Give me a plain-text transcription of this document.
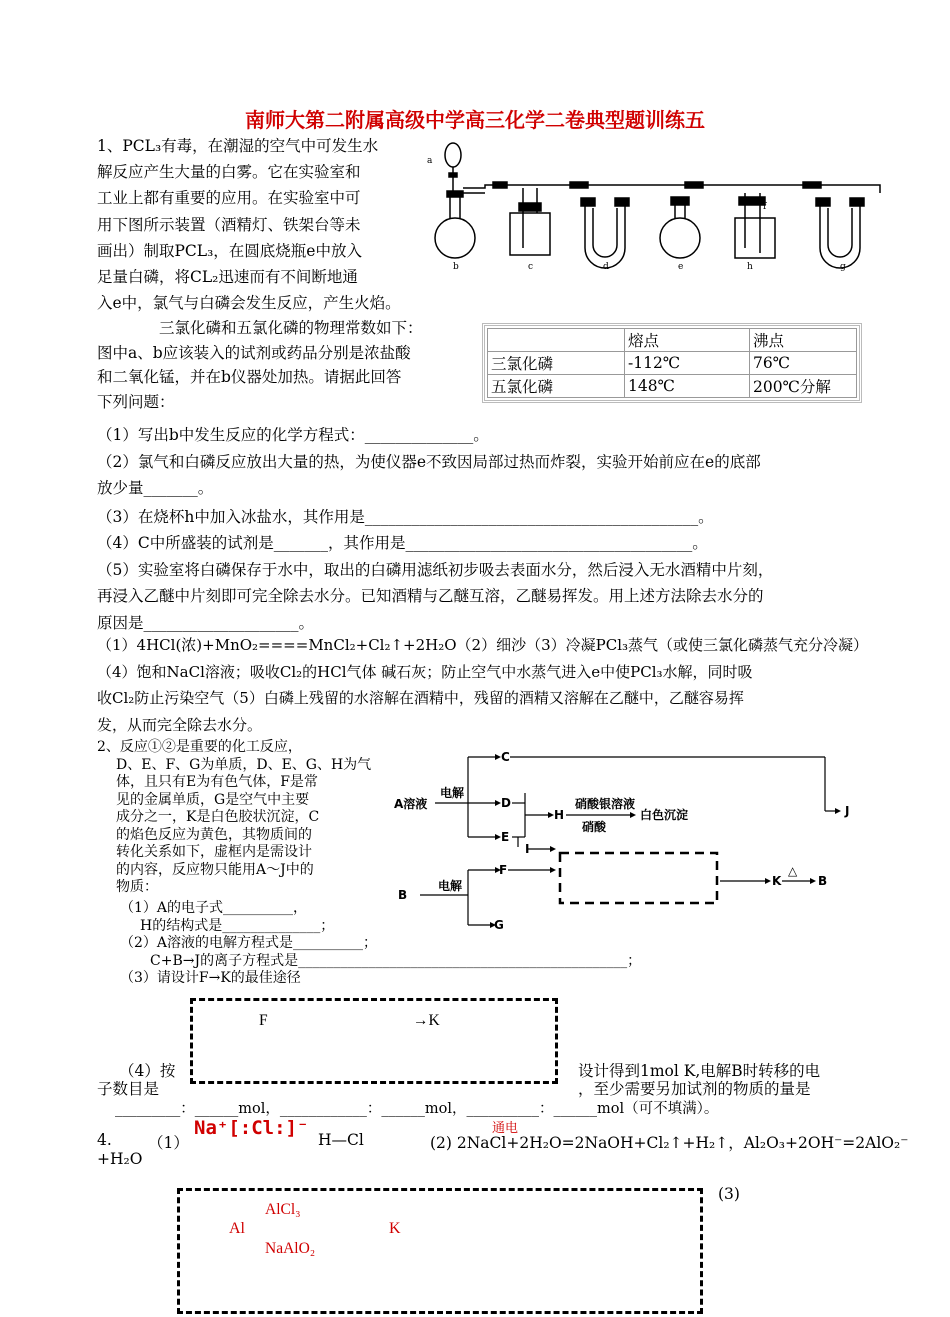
南师大第二附属高级中学高三化学二卷典型题训练五
1、PCL₃有毒，在潮湿的空气中可发生水
解反应产生大量的白雾。它在实验室和
工业上都有重要的应用。在实验室中可
用下图所示装置（酒精灯、铁架台等未
画出）制取PCL₃，在圆底烧瓶e中放入
足量白磷，将CL₂迅速而有不间断地通
入e中，氯气与白磷会发生反应，产生火焰。
a
b	c	d	e
f
h	g
三氯化磷和五氯化磷的物理常数如下：
图中a、b应该装入的试剂或药品分别是浓盐酸
和二氧化锰，并在b仪器处加热。请据此回答
下列问题：
	熔点	沸点
三氯化磷	-112℃	76℃
五氯化磷	148℃	200℃分解
（1）写出b中发生反应的化学方程式：______________。
（2）氯气和白磷反应放出大量的热，为使仪器e不致因局部过热而炸裂，实验开始前应在e的底部
放少量_______。
（3）在烧杯h中加入冰盐水，其作用是___________________________________________。
（4）C中所盛装的试剂是_______，其作用是_____________________________________。
（5）实验室将白磷保存于水中，取出的白磷用滤纸初步吸去表面水分，然后浸入无水酒精中片刻，
再浸入乙醚中片刻即可完全除去水分。已知酒精与乙醚互溶，乙醚易挥发。用上述方法除去水分的
原因是____________________。
（1）4HCl(浓)+MnO₂====MnCl₂+Cl₂↑+2H₂O（2）细沙（3）冷凝PCl₃蒸气（或使三氯化磷蒸气充分冷凝）
（4）饱和NaCl溶液；吸收Cl₂的HCl气体 碱石灰；防止空气中水蒸气进入e中使PCl₃水解，同时吸
收Cl₂防止污染空气（5）白磷上残留的水溶解在酒精中，残留的酒精又溶解在乙醚中，乙醚容易挥
发，从而完全除去水分。
2、反应①②是重要的化工反应，
D、E、F、G为单质，D、E、G、H为气
体，且只有E为有色气体，F是常
见的金属单质，G是空气中主要
成分之一，K是白色胶状沉淀，C
的焰色反应为黄色，其物质间的
转化关系如下，虚框内是需设计
的内容，反应物只能用A～J中的
物质：
A溶液
电解
C
D
E
H
硝酸银溶液
硝酸
白色沉淀
I
J
B
电解
F
G
K
△
B
（1）A的电子式__________，
H的结构式是______________；
（2）A溶液的电解方程式是__________；
C+B→J的离子方程式是_______________________________________________；
（3）请设计F→K的最佳途径
F	→K
（4）按
子数目是
设计得到1mol K,电解B时转移的电
，至少需要另加试剂的物质的量是
_________：______mol，____________：______mol，__________：______mol（可不填满）。
4. （1）
Na⁺[:Cl:]⁻
H—Cl
通电
(2) 2NaCl+2H₂O=2NaOH+Cl₂↑+H₂↑，Al₂O₃+2OH⁻=2AlO₂⁻
+H₂O
(3)
AlCl₃
Al
NaAlO₂
K
